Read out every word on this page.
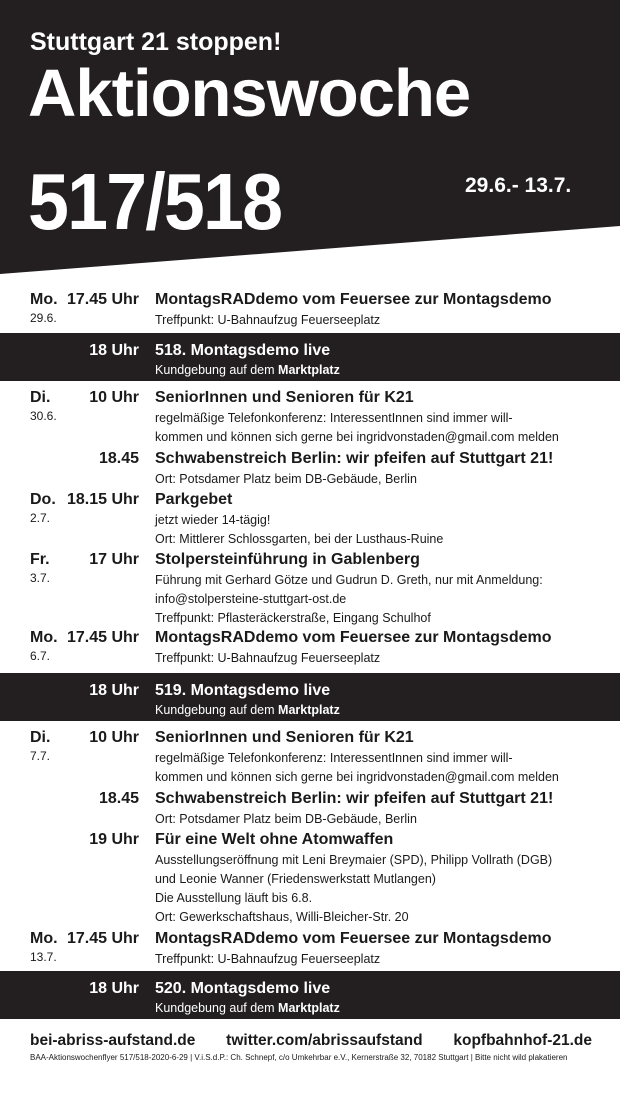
Stuttgart 21 stoppen!
Aktionswoche
517/518	29.6.- 13.7.
Mo. 17.45 Uhr
29.6.
MontagsRADdemo vom Feuersee zur Montagsdemo
Treffpunkt: U-Bahnaufzug Feuerseeplatz
18 Uhr 518. Montagsdemo live
Kundgebung auf dem Marktplatz
Di. 10 Uhr
30.6.
SeniorInnen und Senioren für K21
regelmäßige Telefonkonferenz: InteressentInnen sind immer will-
kommen und können sich gerne bei ingridvonstaden@gmail.com melden
18.45 Schwabenstreich Berlin: wir pfeifen auf Stuttgart 21!
Ort: Potsdamer Platz beim DB-Gebäude, Berlin
Do. 18.15 Uhr
2.7.
Parkgebet
jetzt wieder 14-tägig!
Ort: Mittlerer Schlossgarten, bei der Lusthaus-Ruine
Fr. 17 Uhr
3.7.
Stolpersteinführung in Gablenberg
Führung mit Gerhard Götze und Gudrun D. Greth, nur mit Anmeldung:
info@stolpersteine-stuttgart-ost.de
Treffpunkt: Pflasteräckerstraße, Eingang Schulhof
Mo. 17.45 Uhr
6.7.
MontagsRADdemo vom Feuersee zur Montagsdemo
Treffpunkt: U-Bahnaufzug Feuerseeplatz
18 Uhr 519. Montagsdemo live
Kundgebung auf dem Marktplatz
Di. 10 Uhr
7.7.
SeniorInnen und Senioren für K21
regelmäßige Telefonkonferenz: InteressentInnen sind immer will-
kommen und können sich gerne bei ingridvonstaden@gmail.com melden
18.45 Schwabenstreich Berlin: wir pfeifen auf Stuttgart 21!
Ort: Potsdamer Platz beim DB-Gebäude, Berlin
19 Uhr Für eine Welt ohne Atomwaffen
Ausstellungseröffnung mit Leni Breymaier (SPD), Philipp Vollrath (DGB)
und Leonie Wanner (Friedenswerkstatt Mutlangen)
Die Ausstellung läuft bis 6.8.
Ort: Gewerkschaftshaus, Willi-Bleicher-Str. 20
Mo. 17.45 Uhr
13.7.
MontagsRADdemo vom Feuersee zur Montagsdemo
Treffpunkt: U-Bahnaufzug Feuerseeplatz
18 Uhr 520. Montagsdemo live
Kundgebung auf dem Marktplatz
bei-abriss-aufstand.de twitter.com/abrissaufstand kopfbahnhof-21.de
BAA-Aktionswochenflyer 517/518-2020-6-29 | V.i.S.d.P.: Ch. Schnepf, c/o Umkehrbar e.V., Kernerstraße 32, 70182 Stuttgart | Bitte nicht wild plakatieren
